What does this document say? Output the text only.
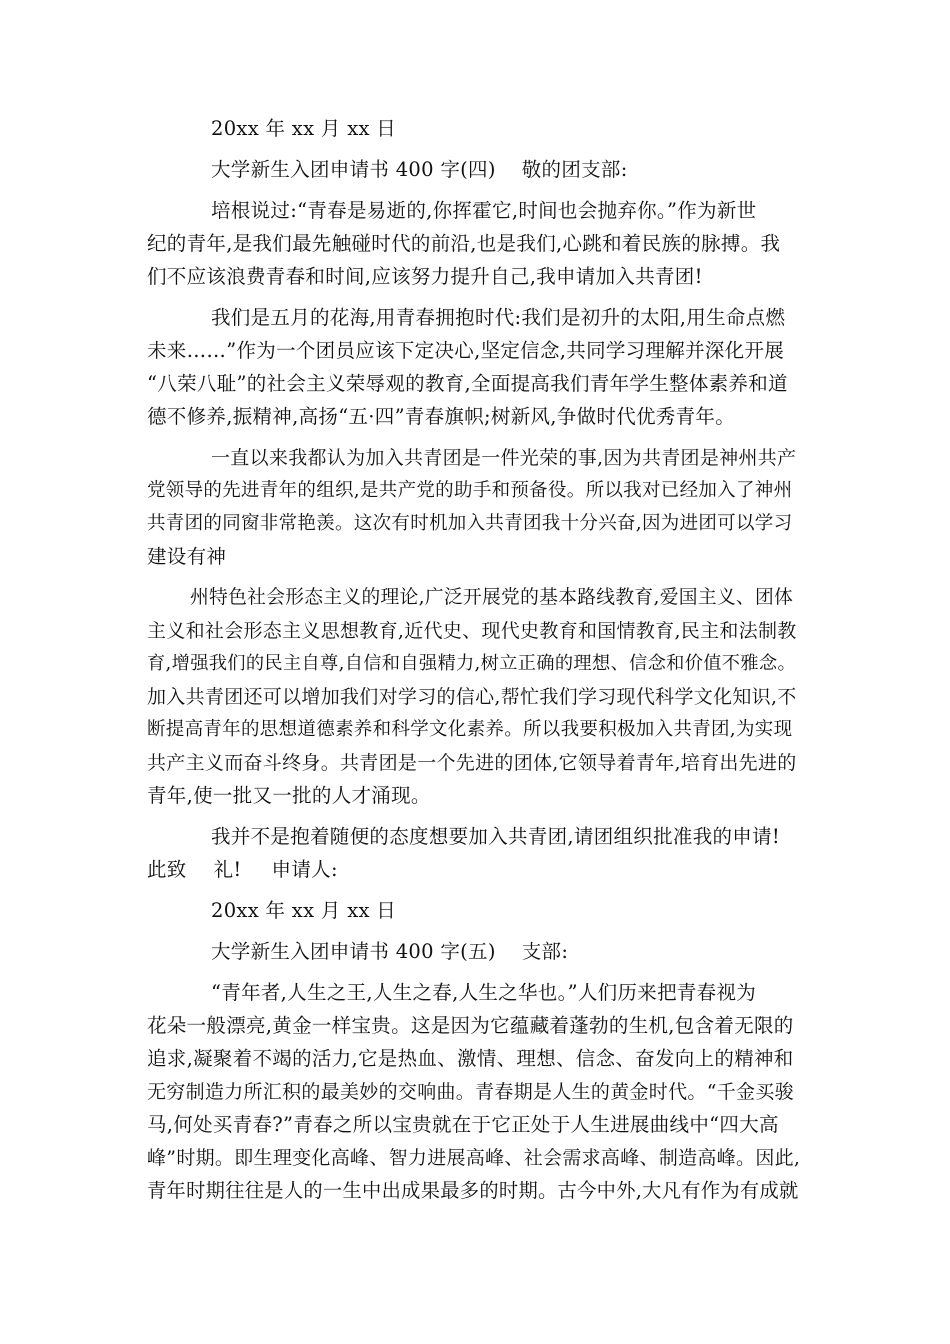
20xx 年 xx 月 xx 日
大学新生入团申请书 400 字(四) 敬的团支部:
培根说过:“青春是易逝的,你挥霍它,时间也会抛弃你。”作为新世
纪的青年,是我们最先触碰时代的前沿,也是我们,心跳和着民族的脉搏。我
们不应该浪费青春和时间,应该努力提升自己,我申请加入共青团!
我们是五月的花海,用青春拥抱时代:我们是初升的太阳,用生命点燃
未来……”作为一个团员应该下定决心,坚定信念,共同学习理解并深化开展
“八荣八耻”的社会主义荣辱观的教育,全面提高我们青年学生整体素养和道
德不修养,振精神,高扬“五·四”青春旗帜;树新风,争做时代优秀青年。
一直以来我都认为加入共青团是一件光荣的事,因为共青团是神州共产
党领导的先进青年的组织,是共产党的助手和预备役。所以我对已经加入了神州
共青团的同窗非常艳羡。这次有时机加入共青团我十分兴奋,因为进团可以学习
建设有神
州特色社会形态主义的理论,广泛开展党的基本路线教育,爱国主义、团体
主义和社会形态主义思想教育,近代史、现代史教育和国情教育,民主和法制教
育,增强我们的民主自尊,自信和自强精力,树立正确的理想、信念和价值不雅念。
加入共青团还可以增加我们对学习的信心,帮忙我们学习现代科学文化知识,不
断提高青年的思想道德素养和科学文化素养。所以我要积极加入共青团,为实现
共产主义而奋斗终身。共青团是一个先进的团体,它领导着青年,培育出先进的
青年,使一批又一批的人才涌现。
我并不是抱着随便的态度想要加入共青团,请团组织批准我的申请!
此致 礼! 申请人:
20xx 年 xx 月 xx 日
大学新生入团申请书 400 字(五) 支部:
“青年者,人生之王,人生之春,人生之华也。”人们历来把青春视为
花朵一般漂亮,黄金一样宝贵。这是因为它蕴藏着蓬勃的生机,包含着无限的
追求,凝聚着不竭的活力,它是热血、激情、理想、信念、奋发向上的精神和
无穷制造力所汇积的最美妙的交响曲。青春期是人生的黄金时代。“千金买骏
马,何处买青春?”青春之所以宝贵就在于它正处于人生进展曲线中“四大高
峰”时期。即生理变化高峰、智力进展高峰、社会需求高峰、制造高峰。因此,
青年时期往往是人的一生中出成果最多的时期。古今中外,大凡有作为有成就
